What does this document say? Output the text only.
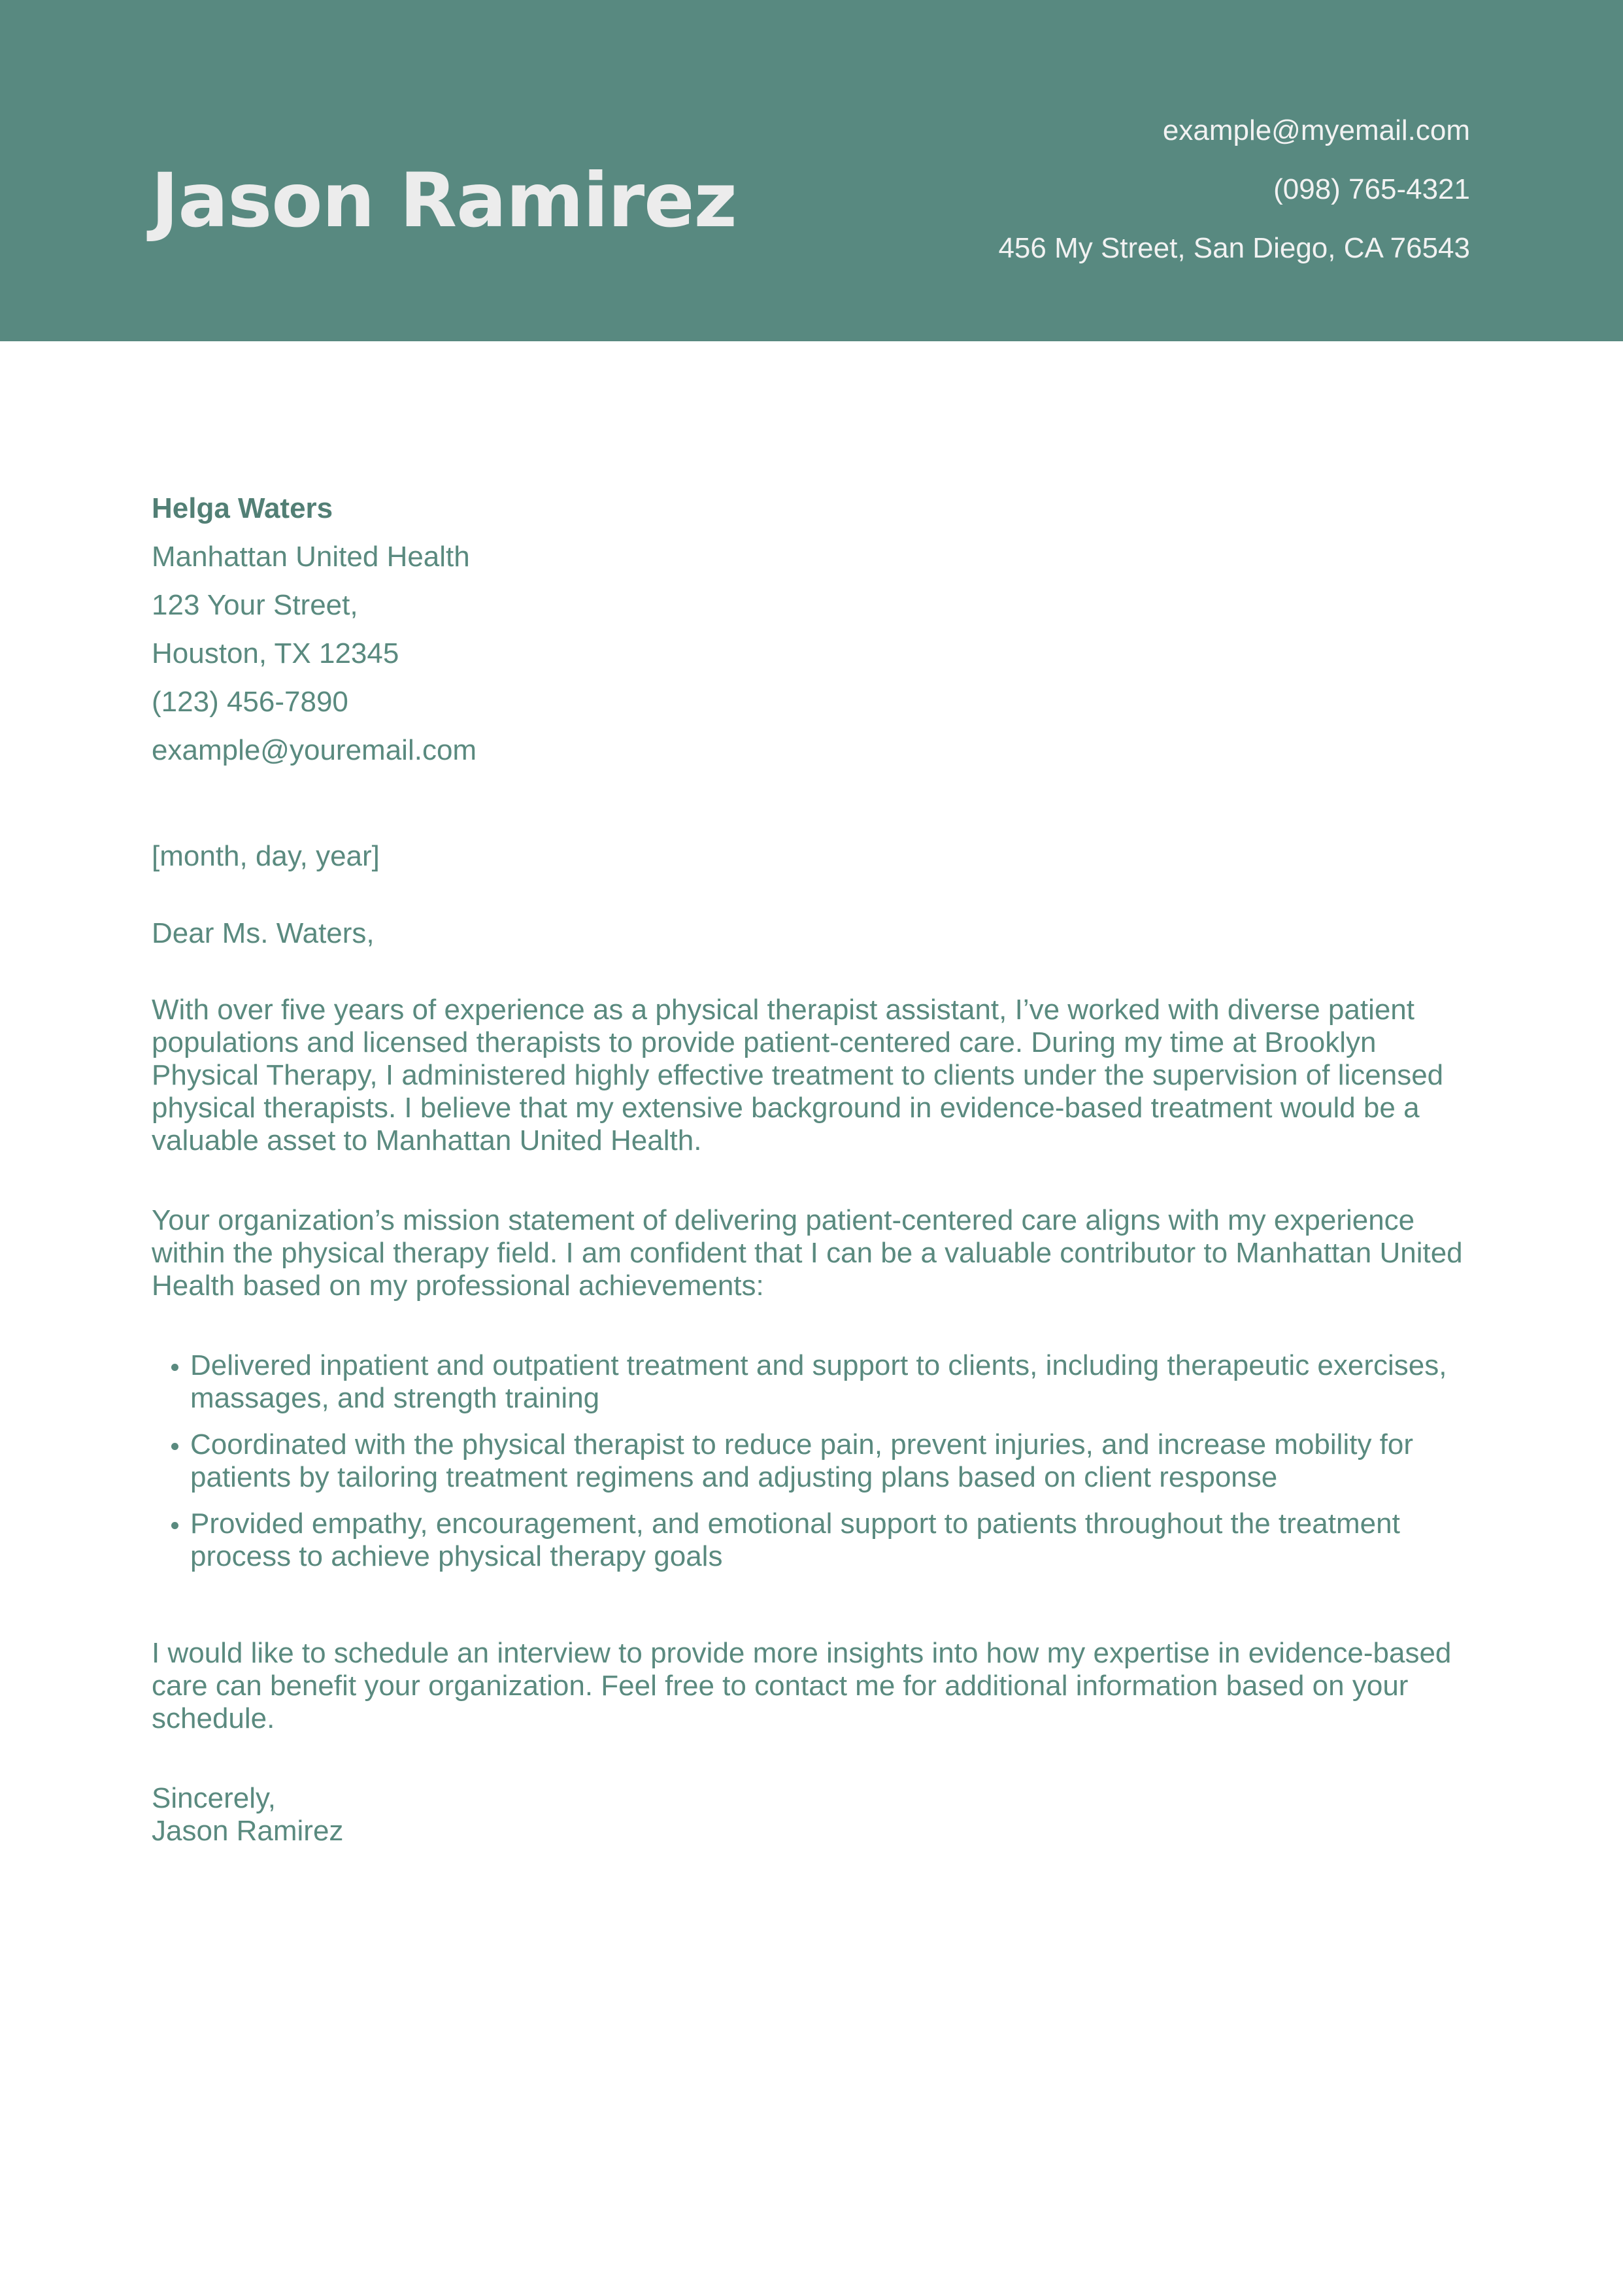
Jason Ramirez
example@myemail.com
(098) 765-4321
456 My Street, San Diego, CA 76543
Helga Waters
Manhattan United Health
123 Your Street,
Houston, TX 12345
(123) 456-7890
example@youremail.com
[month, day, year]
Dear Ms. Waters,

With over five years of experience as a physical therapist assistant, I’ve worked with diverse patient populations and licensed therapists to provide patient-centered care. During my time at Brooklyn Physical Therapy, I administered highly effective treatment to clients under the supervision of licensed physical therapists. I believe that my extensive background in evidence-based treatment would be a valuable asset to Manhattan United Health.

Your organization’s mission statement of delivering patient-centered care aligns with my experience within the physical therapy field. I am confident that I can be a valuable contributor to Manhattan United Health based on my professional achievements:

• Delivered inpatient and outpatient treatment and support to clients, including therapeutic exercises, massages, and strength training
• Coordinated with the physical therapist to reduce pain, prevent injuries, and increase mobility for patients by tailoring treatment regimens and adjusting plans based on client response
• Provided empathy, encouragement, and emotional support to patients throughout the treatment process to achieve physical therapy goals

I would like to schedule an interview to provide more insights into how my expertise in evidence-based care can benefit your organization. Feel free to contact me for additional information based on your schedule.

Sincerely,
Jason Ramirez
